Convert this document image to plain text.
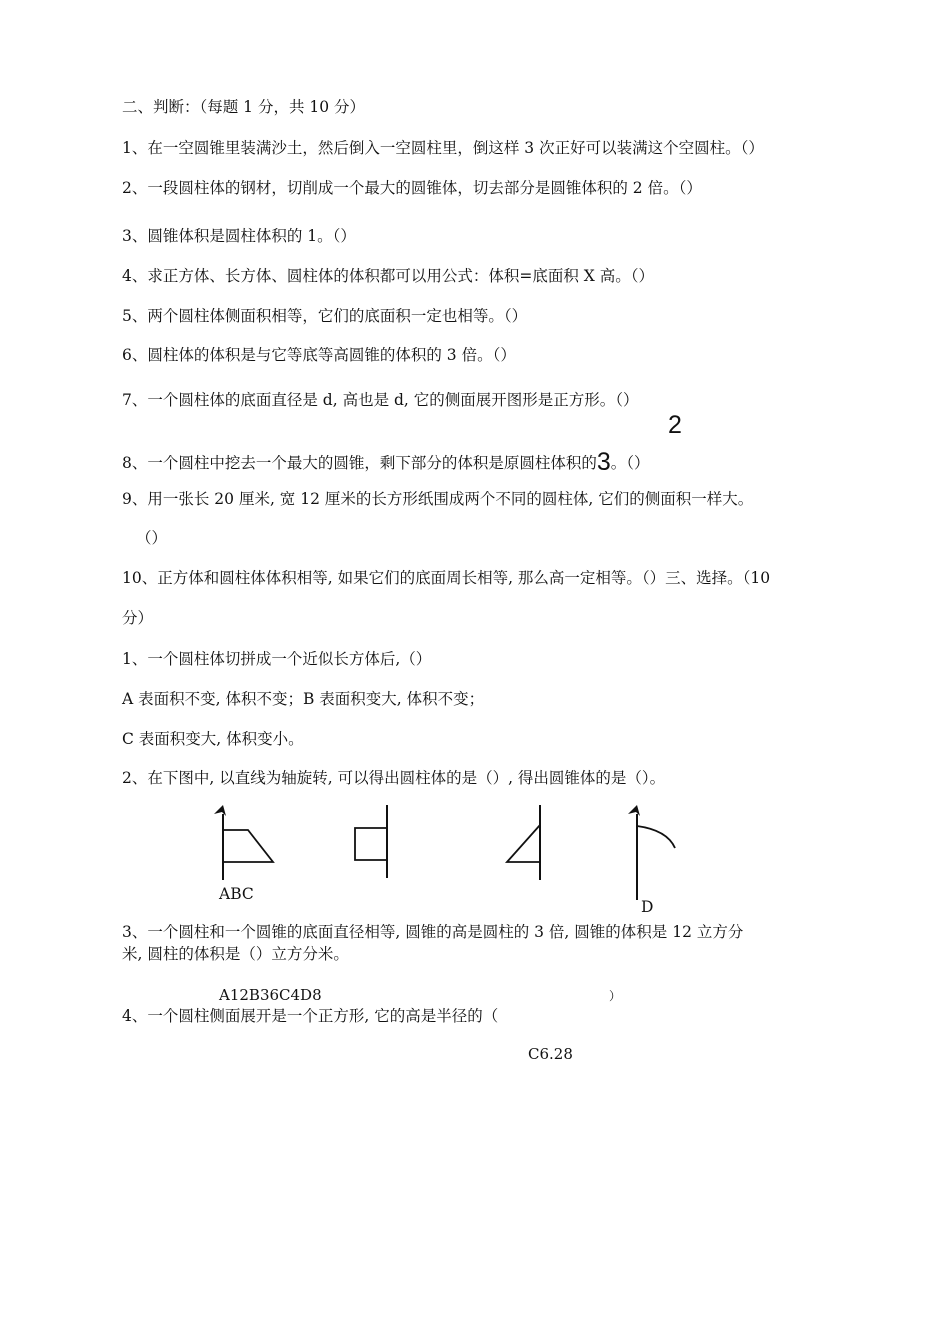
二、判断：（每题 1 分，共 10 分）
1、在一空圆锥里装满沙土，然后倒入一空圆柱里，倒这样 3 次正好可以装满这个空圆柱。（）
2、一段圆柱体的钢材，切削成一个最大的圆锥体，切去部分是圆锥体积的 2 倍。（）
3、圆锥体积是圆柱体积的 1。（）
4、求正方体、长方体、圆柱体的体积都可以用公式：体积=底面积 X 高。（）
5、两个圆柱体侧面积相等，它们的底面积一定也相等。（）
6、圆柱体的体积是与它等底等高圆锥的体积的 3 倍。（）
7、一个圆柱体的底面直径是 d, 高也是 d, 它的侧面展开图形是正方形。（）
2
8、一个圆柱中挖去一个最大的圆锥，剩下部分的体积是原圆柱体积的3。（）
9、用一张长 20 厘米, 宽 12 厘米的长方形纸围成两个不同的圆柱体, 它们的侧面积一样大。
（）
10、正方体和圆柱体体积相等, 如果它们的底面周长相等, 那么高一定相等。（）三、选择。（10
分）
1、一个圆柱体切拼成一个近似长方体后,（）
A 表面积不变, 体积不变；B 表面积变大, 体积不变；
C 表面积变大, 体积变小。
2、在下图中, 以直线为轴旋转, 可以得出圆柱体的是（）, 得出圆锥体的是（）。
ABC
D
3、一个圆柱和一个圆锥的底面直径相等, 圆锥的高是圆柱的 3 倍, 圆锥的体积是 12 立方分
米, 圆柱的体积是（）立方分米。
A12B36C4D8
4、一个圆柱侧面展开是一个正方形, 它的高是半径的（
）
C6.28
